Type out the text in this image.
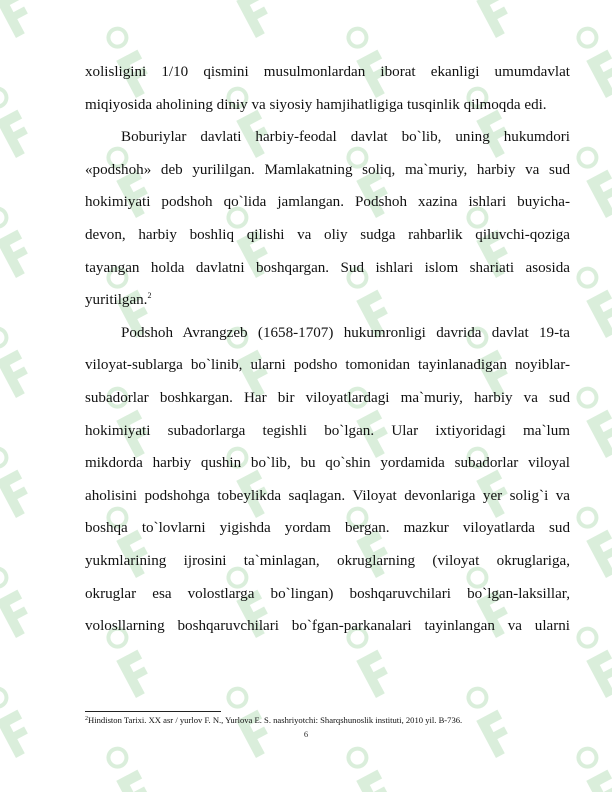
xolisligini 1/10 qismini musulmonlardan iborat ekanligi umumdavlat
miqiyosida aholining diniy va siyosiy hamjihatligiga tusqinlik qilmoqda edi.
Boburiylar davlati harbiy-feodal davlat bo`lib, uning hukumdori
«podshoh» deb yurililgan. Mamlakatning soliq, ma`muriy, harbiy va sud
hokimiyati podshoh qo`lida jamlangan. Podshoh xazina ishlari buyicha-
devon, harbiy boshliq qilishi va oliy sudga rahbarlik qiluvchi-qoziga
tayangan holda davlatni boshqargan. Sud ishlari islom shariati asosida
yuritilgan.$^2$
Podshoh Avrangzeb (1658-1707) hukumronligi davrida davlat 19-ta
viloyat-sublarga bo`linib, ularni podsho tomonidan tayinlanadigan noyiblar-
subadorlar boshkargan. Har bir viloyatlardagi ma`muriy, harbiy va sud
hokimiyati subadorlarga tegishli bo`lgan. Ular ixtiyoridagi ma`lum
mikdorda harbiy qushin bo`lib, bu qo`shin yordamida subadorlar viloyal
aholisini podshohga tobeylikda saqlagan. Viloyat devonlariga yer solig`i va
boshqa to`lovlarni yigishda yordam bergan. mazkur viloyatlarda sud
yukmlarining ijrosini ta`minlagan, okruglarning (viloyat okruglariga,
okruglar esa volostlarga bo`lingan) boshqaruvchilari bo`lgan-laksillar,
volosllarning boshqaruvchilari bo`fgan-parkanalari tayinlangan va ularni
$^2$Hindiston Tarixi. XX asr / yurlov F. N., Yurlova E. S. nashriyotchi: Sharqshunoslik instituti, 2010 yil. B-736.
6
